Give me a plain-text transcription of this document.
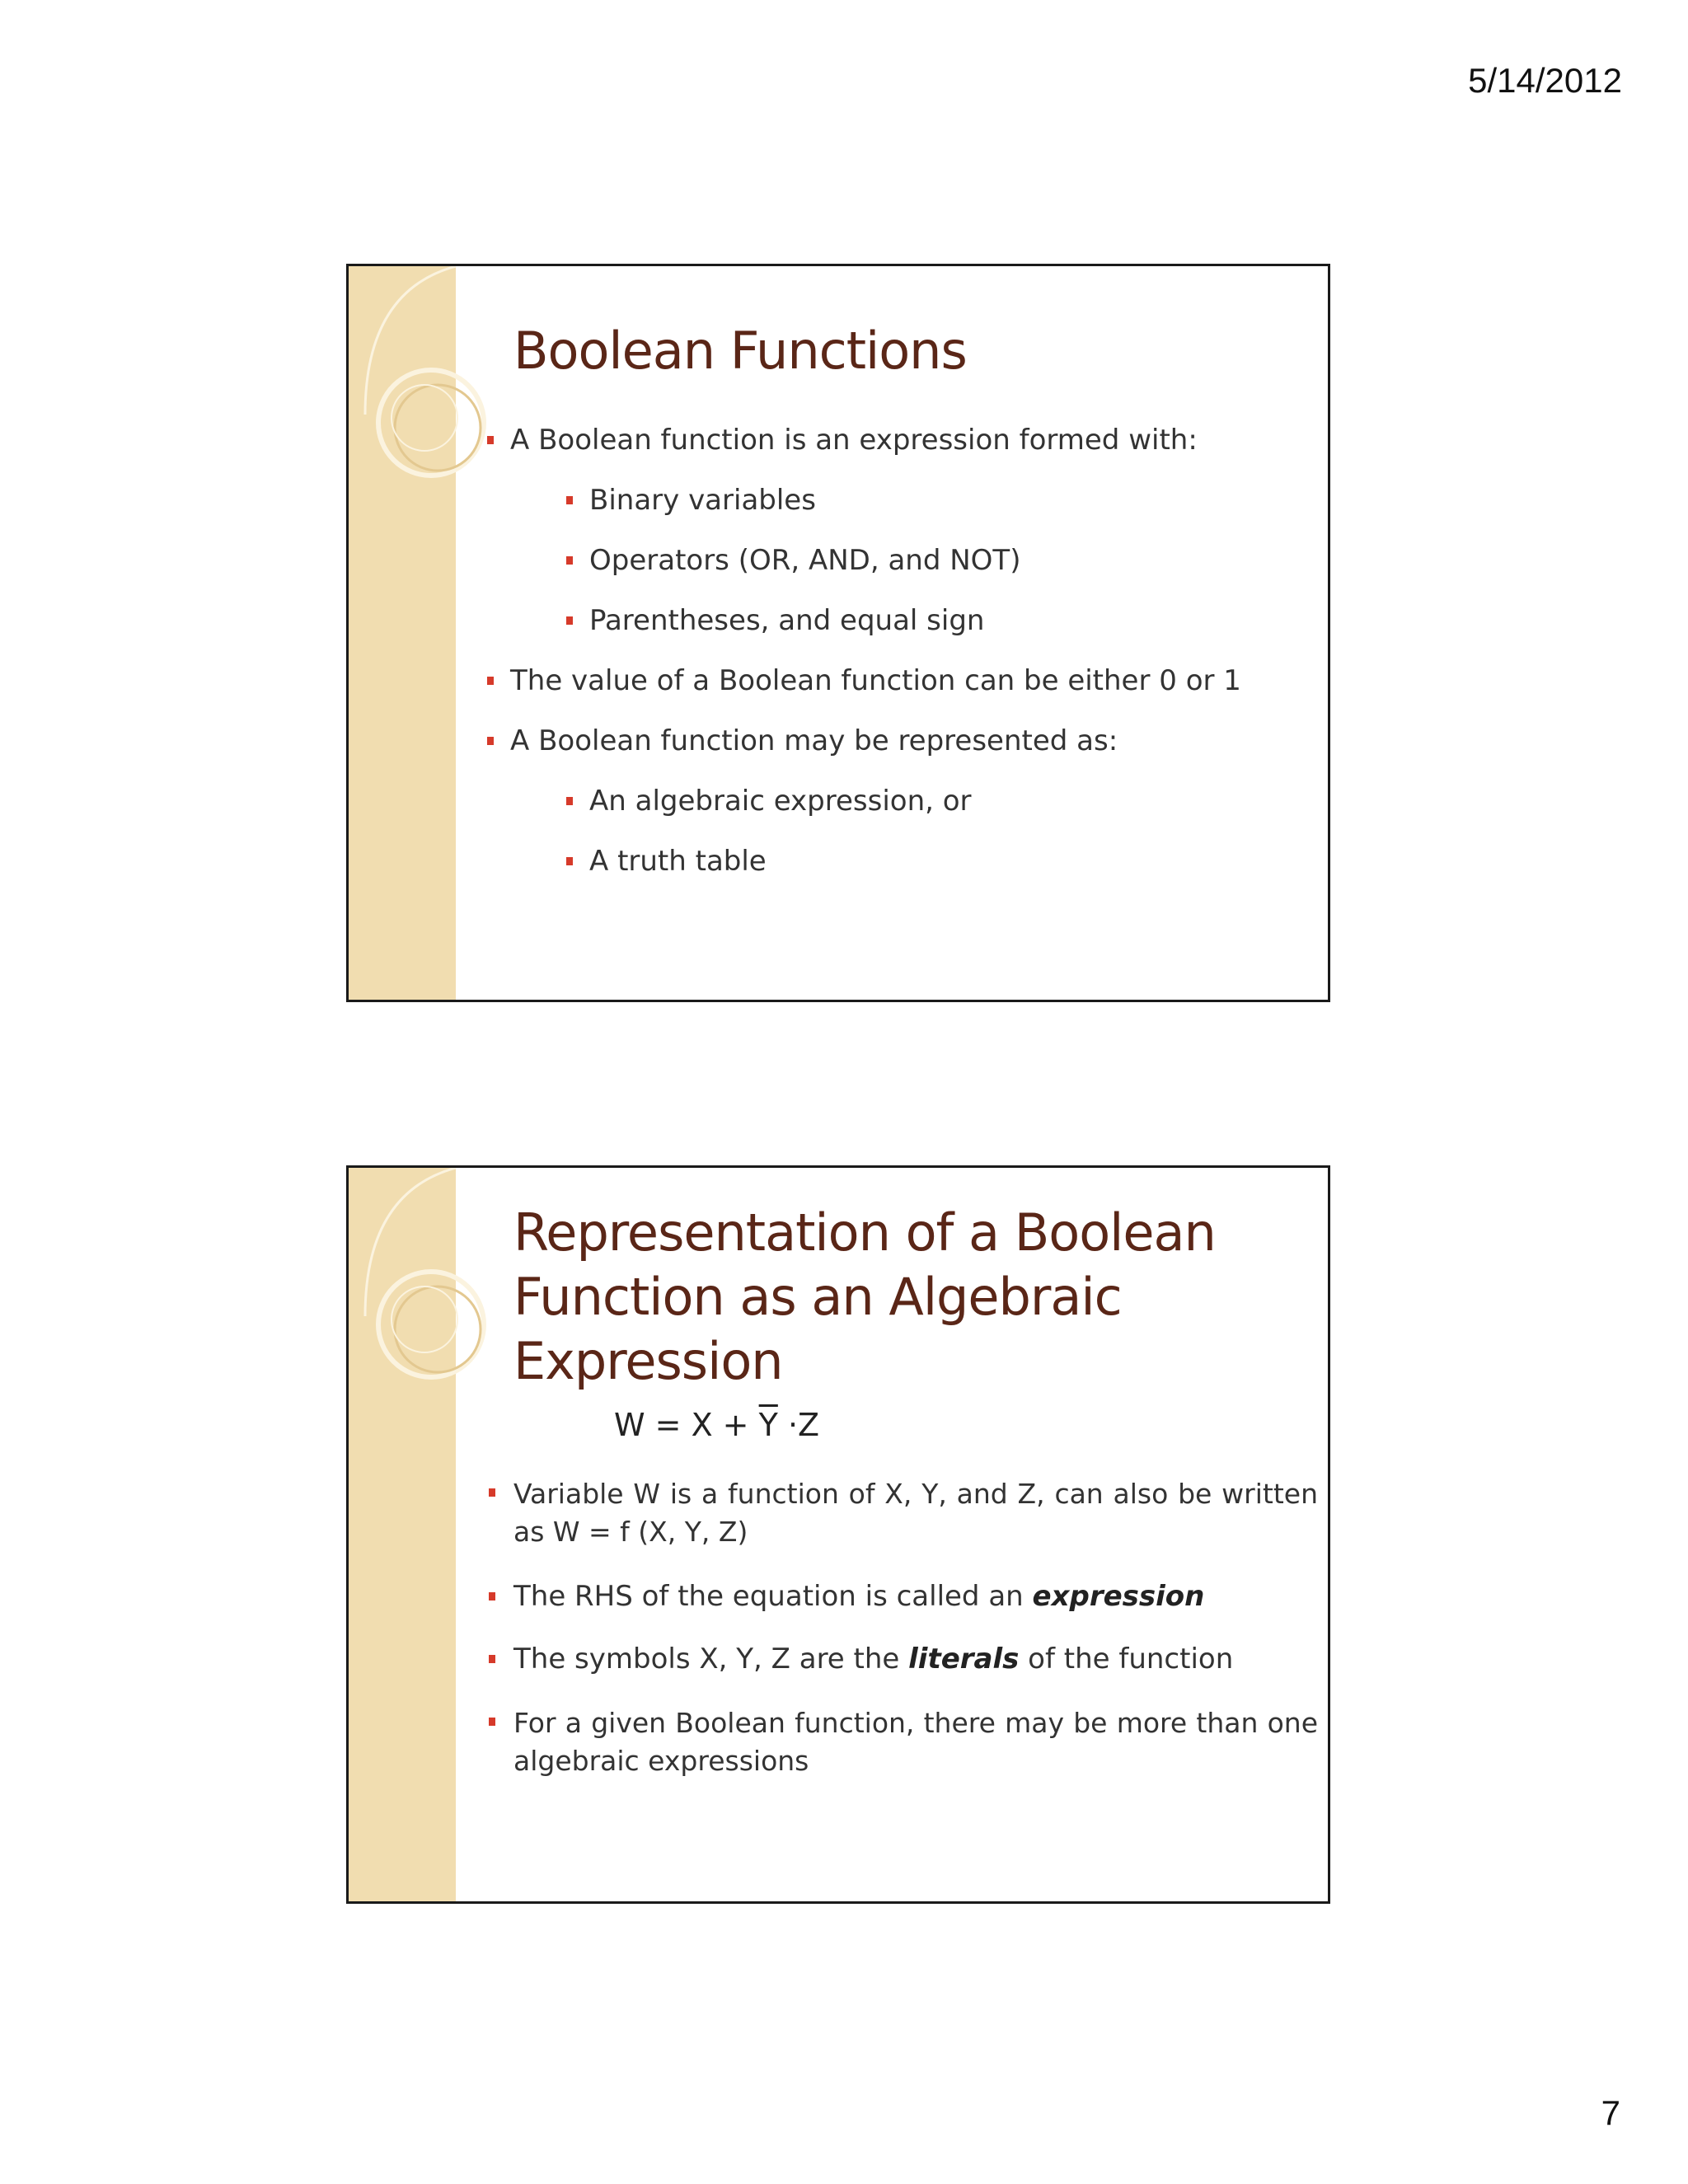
5/14/2012
Boolean Functions
A Boolean function is an expression formed with:
Binary variables
Operators (OR, AND, and NOT)
Parentheses, and equal sign
The value of a Boolean function can be either 0 or 1
A Boolean function may be represented as:
An algebraic expression, or
A truth table
Representation of a Boolean
Function as an Algebraic Expression
$W = X + \overline{Y} \cdot Z$
Variable W is a function of X, Y, and Z, can also be written as W = f (X, Y, Z)
The RHS of the equation is called an expression
The symbols X, Y, Z are the literals of the function
For a given Boolean function, there may be more than one algebraic expressions
7
